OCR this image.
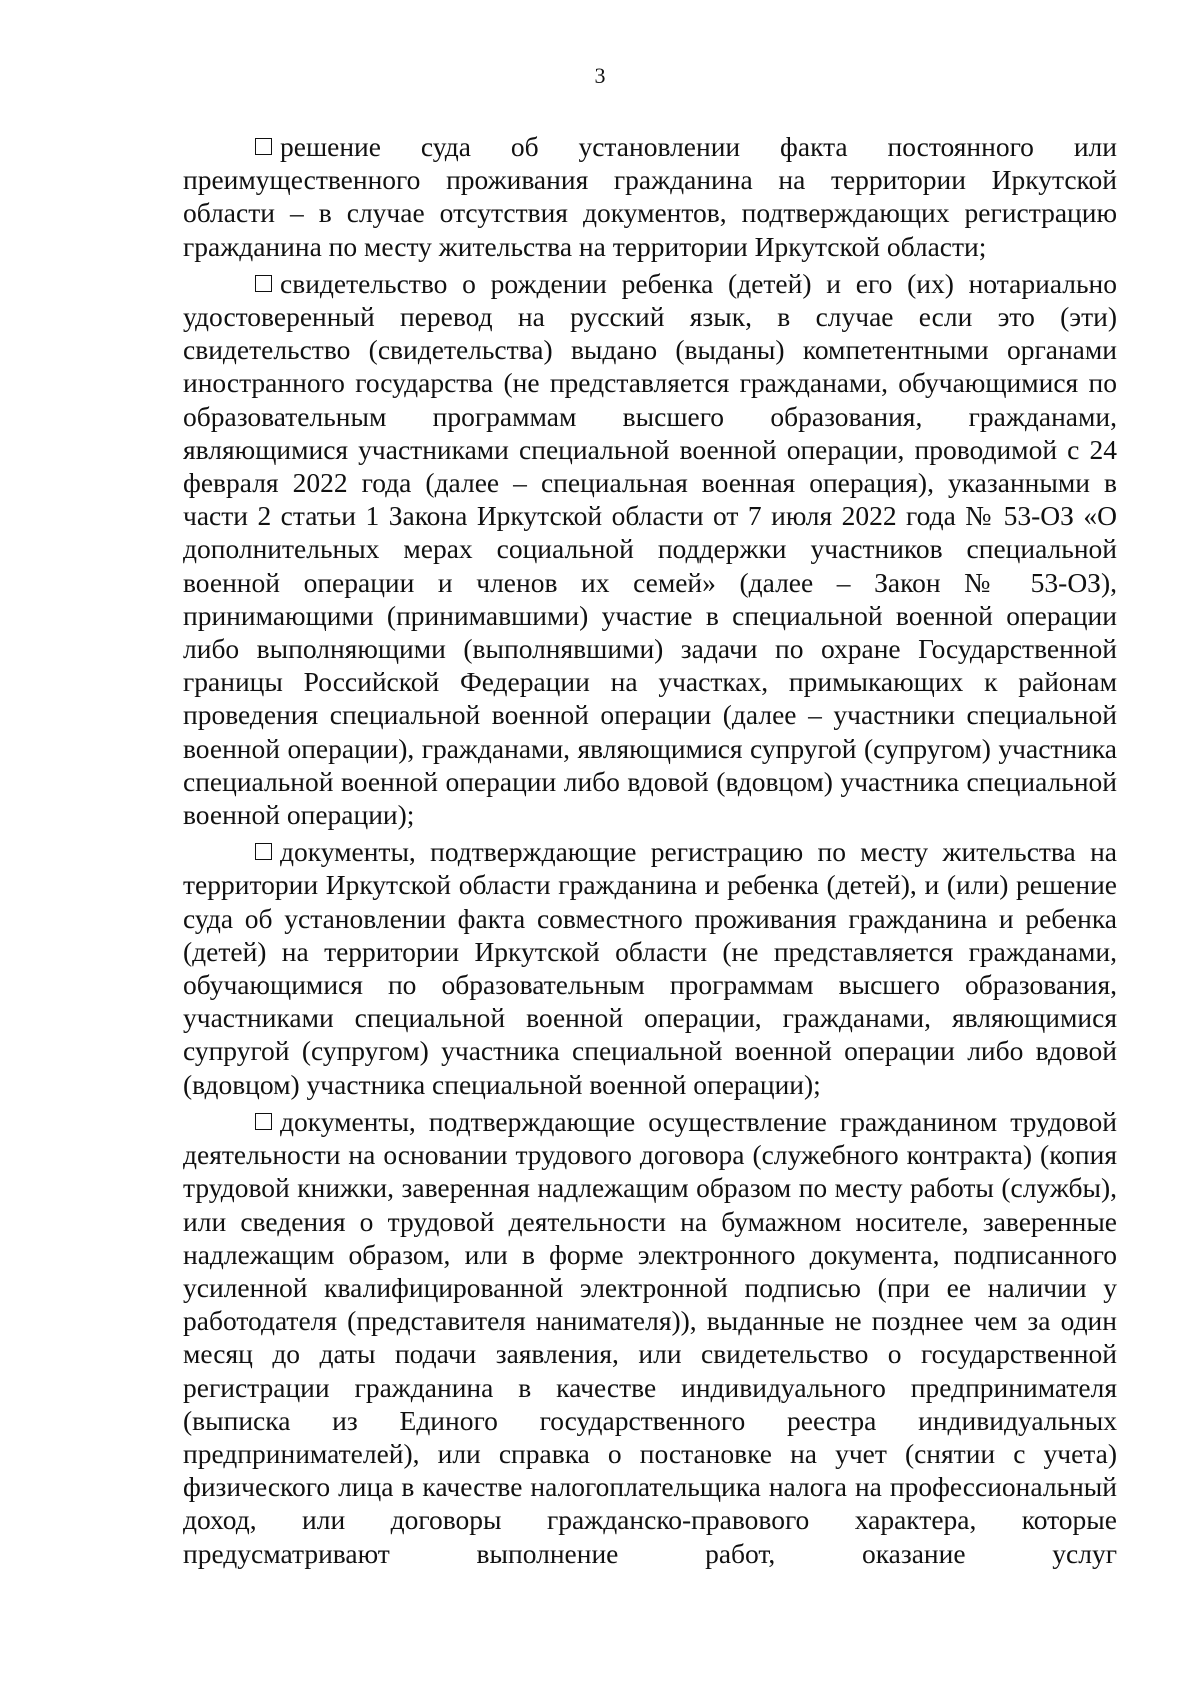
3

решение суда об установлении факта постоянного или преимущественного проживания гражданина на территории Иркутской области – в случае отсутствия документов, подтверждающих регистрацию гражданина по месту жительства на территории Иркутской области;

свидетельство о рождении ребенка (детей) и его (их) нотариально удостоверенный перевод на русский язык, в случае если это (эти) свидетельство (свидетельства) выдано (выданы) компетентными органами иностранного государства (не представляется гражданами, обучающимися по образовательным программам высшего образования, гражданами, являющимися участниками специальной военной операции, проводимой с 24 февраля 2022 года (далее – специальная военная операция), указанными в части 2 статьи 1 Закона Иркутской области от 7 июля 2022 года № 53-ОЗ «О дополнительных мерах социальной поддержки участников специальной военной операции и членов их семей» (далее – Закон № 53-ОЗ), принимающими (принимавшими) участие в специальной военной операции либо выполняющими (выполнявшими) задачи по охране Государственной границы Российской Федерации на участках, примыкающих к районам проведения специальной военной операции (далее – участники специальной военной операции), гражданами, являющимися супругой (супругом) участника специальной военной операции либо вдовой (вдовцом) участника специальной военной операции);

документы, подтверждающие регистрацию по месту жительства на территории Иркутской области гражданина и ребенка (детей), и (или) решение суда об установлении факта совместного проживания гражданина и ребенка (детей) на территории Иркутской области (не представляется гражданами, обучающимися по образовательным программам высшего образования, участниками специальной военной операции, гражданами, являющимися супругой (супругом) участника специальной военной операции либо вдовой (вдовцом) участника специальной военной операции);

документы, подтверждающие осуществление гражданином трудовой деятельности на основании трудового договора (служебного контракта) (копия трудовой книжки, заверенная надлежащим образом по месту работы (службы), или сведения о трудовой деятельности на бумажном носителе, заверенные надлежащим образом, или в форме электронного документа, подписанного усиленной квалифицированной электронной подписью (при ее наличии у работодателя (представителя нанимателя)), выданные не позднее чем за один месяц до даты подачи заявления, или свидетельство о государственной регистрации гражданина в качестве индивидуального предпринимателя (выписка из Единого государственного реестра индивидуальных предпринимателей), или справка о постановке на учет (снятии с учета) физического лица в качестве налогоплательщика налога на профессиональный доход, или договоры гражданско-правового характера, которые предусматривают выполнение работ, оказание услуг
